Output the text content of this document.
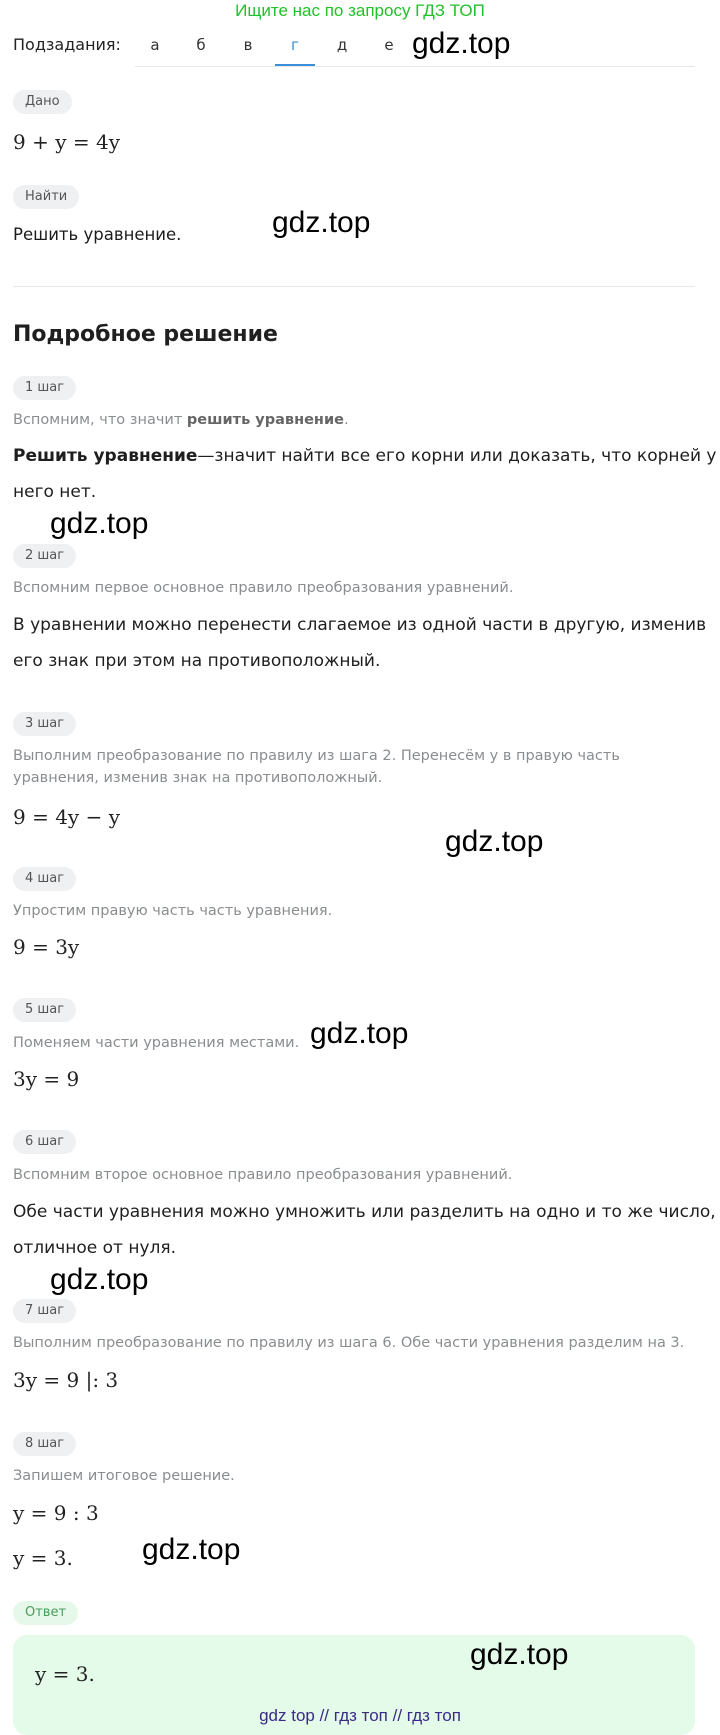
Ищите нас по запросу ГДЗ ТОП
Подзадания:	а	б	в	г	д	е gdz.top
Дано
9 + y = 4y
Найти
Решить уравнение.	gdz.top
Подробное решение
1 шаг
Вспомним, что значит решить уравнение.
Решить уравнение—значит найти все его корни или доказать, что корней у
него нет.
gdz.top
2 шаг
Вспомним первое основное правило преобразования уравнений.
В уравнении можно перенести слагаемое из одной части в другую, изменив
его знак при этом на противоположный.
3 шаг
Выполним преобразование по правилу из шага 2. Перенесём y в правую часть
уравнения, изменив знак на противоположный.
9 = 4y − y
gdz.top
4 шаг
Упростим правую часть часть уравнения.
9 = 3y
5 шаг
Поменяем части уравнения местами. gdz.top
3y = 9
6 шаг
Вспомним второе основное правило преобразования уравнений.
Обе части уравнения можно умножить или разделить на одно и то же число,
отличное от нуля.
gdz.top
7 шаг
Выполним преобразование по правилу из шага 6. Обе части уравнения разделим на 3.
3y = 9 |: 3
8 шаг
Запишем итоговое решение.
y = 9 : 3
y = 3. gdz.top
Ответ
y = 3.
gdz.top
gdz top // гдз топ // гдз топ
